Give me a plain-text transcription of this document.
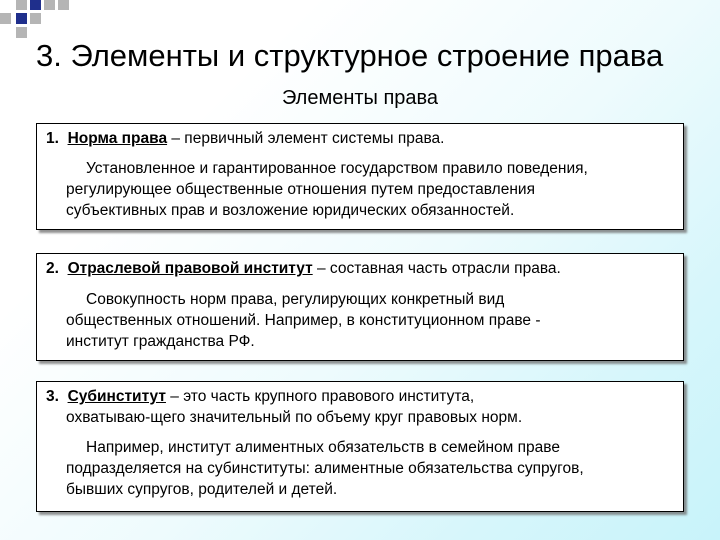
3. Элементы и структурное строение права
Элементы права

1. Норма права – первичный элемент системы права.

Установленное и гарантированное государством правило поведения,
регулирующее общественные отношения путем предоставления
субъективных прав и возложение юридических обязанностей.

2. Отраслевой правовой институт – составная часть отрасли права.

Совокупность норм права, регулирующих конкретный вид
общественных отношений. Например, в конституционном праве -
институт гражданства РФ.

3. Субинститут – это часть крупного правового института,

охватываю-щего значительный по объему круг правовых норм.

Например, институт алиментных обязательств в семейном праве
подразделяется на субинституты: алиментные обязательства супругов,
бывших супругов, родителей и детей.
